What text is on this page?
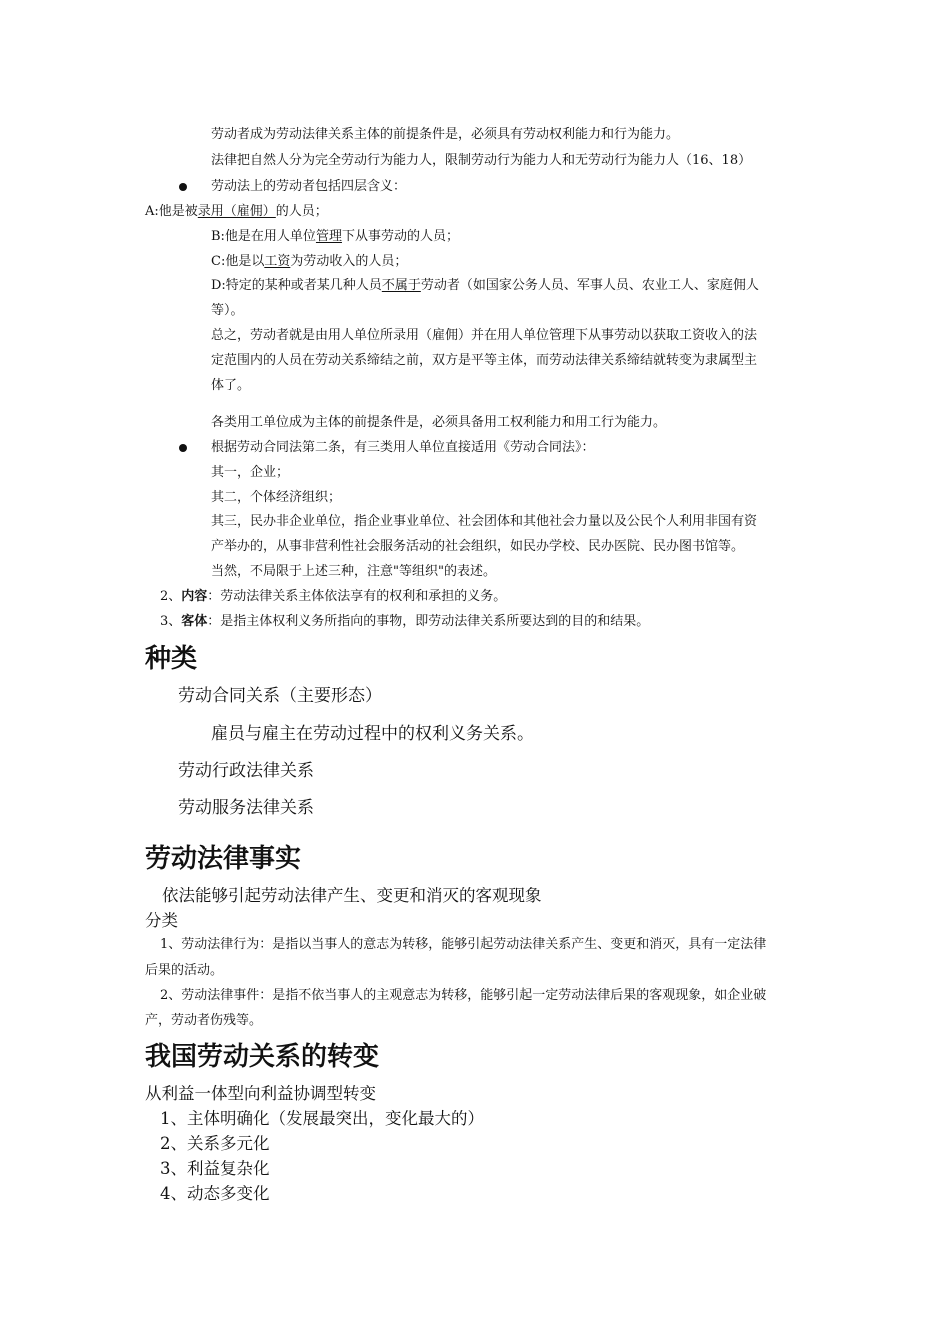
劳动者成为劳动法律关系主体的前提条件是，必须具有劳动权利能力和行为能力。
法律把自然人分为完全劳动行为能力人，限制劳动行为能力人和无劳动行为能力人（16、18）
劳动法上的劳动者包括四层含义：
A:他是被录用（雇佣）的人员；
B:他是在用人单位管理下从事劳动的人员；
C:他是以工资为劳动收入的人员；
D:特定的某种或者某几种人员不属于劳动者（如国家公务人员、军事人员、农业工人、家庭佣人
等）。
总之，劳动者就是由用人单位所录用（雇佣）并在用人单位管理下从事劳动以获取工资收入的法
定范围内的人员在劳动关系缔结之前，双方是平等主体，而劳动法律关系缔结就转变为隶属型主
体了。
各类用工单位成为主体的前提条件是，必须具备用工权利能力和用工行为能力。
根据劳动合同法第二条，有三类用人单位直接适用《劳动合同法》：
其一，企业；
其二，个体经济组织；
其三，民办非企业单位，指企业事业单位、社会团体和其他社会力量以及公民个人利用非国有资
产举办的，从事非营利性社会服务活动的社会组织，如民办学校、民办医院、民办图书馆等。
当然，不局限于上述三种，注意"等组织"的表述。
2、内容：劳动法律关系主体依法享有的权利和承担的义务。
3、客体：是指主体权利义务所指向的事物，即劳动法律关系所要达到的目的和结果。
种类
劳动合同关系（主要形态）
雇员与雇主在劳动过程中的权利义务关系。
劳动行政法律关系
劳动服务法律关系
劳动法律事实
依法能够引起劳动法律产生、变更和消灭的客观现象
分类
1、劳动法律行为：是指以当事人的意志为转移，能够引起劳动法律关系产生、变更和消灭，具有一定法律
后果的活动。
2、劳动法律事件：是指不依当事人的主观意志为转移，能够引起一定劳动法律后果的客观现象，如企业破
产，劳动者伤残等。
我国劳动关系的转变
从利益一体型向利益协调型转变
1、主体明确化（发展最突出，变化最大的）
2、关系多元化
3、利益复杂化
4、动态多变化
